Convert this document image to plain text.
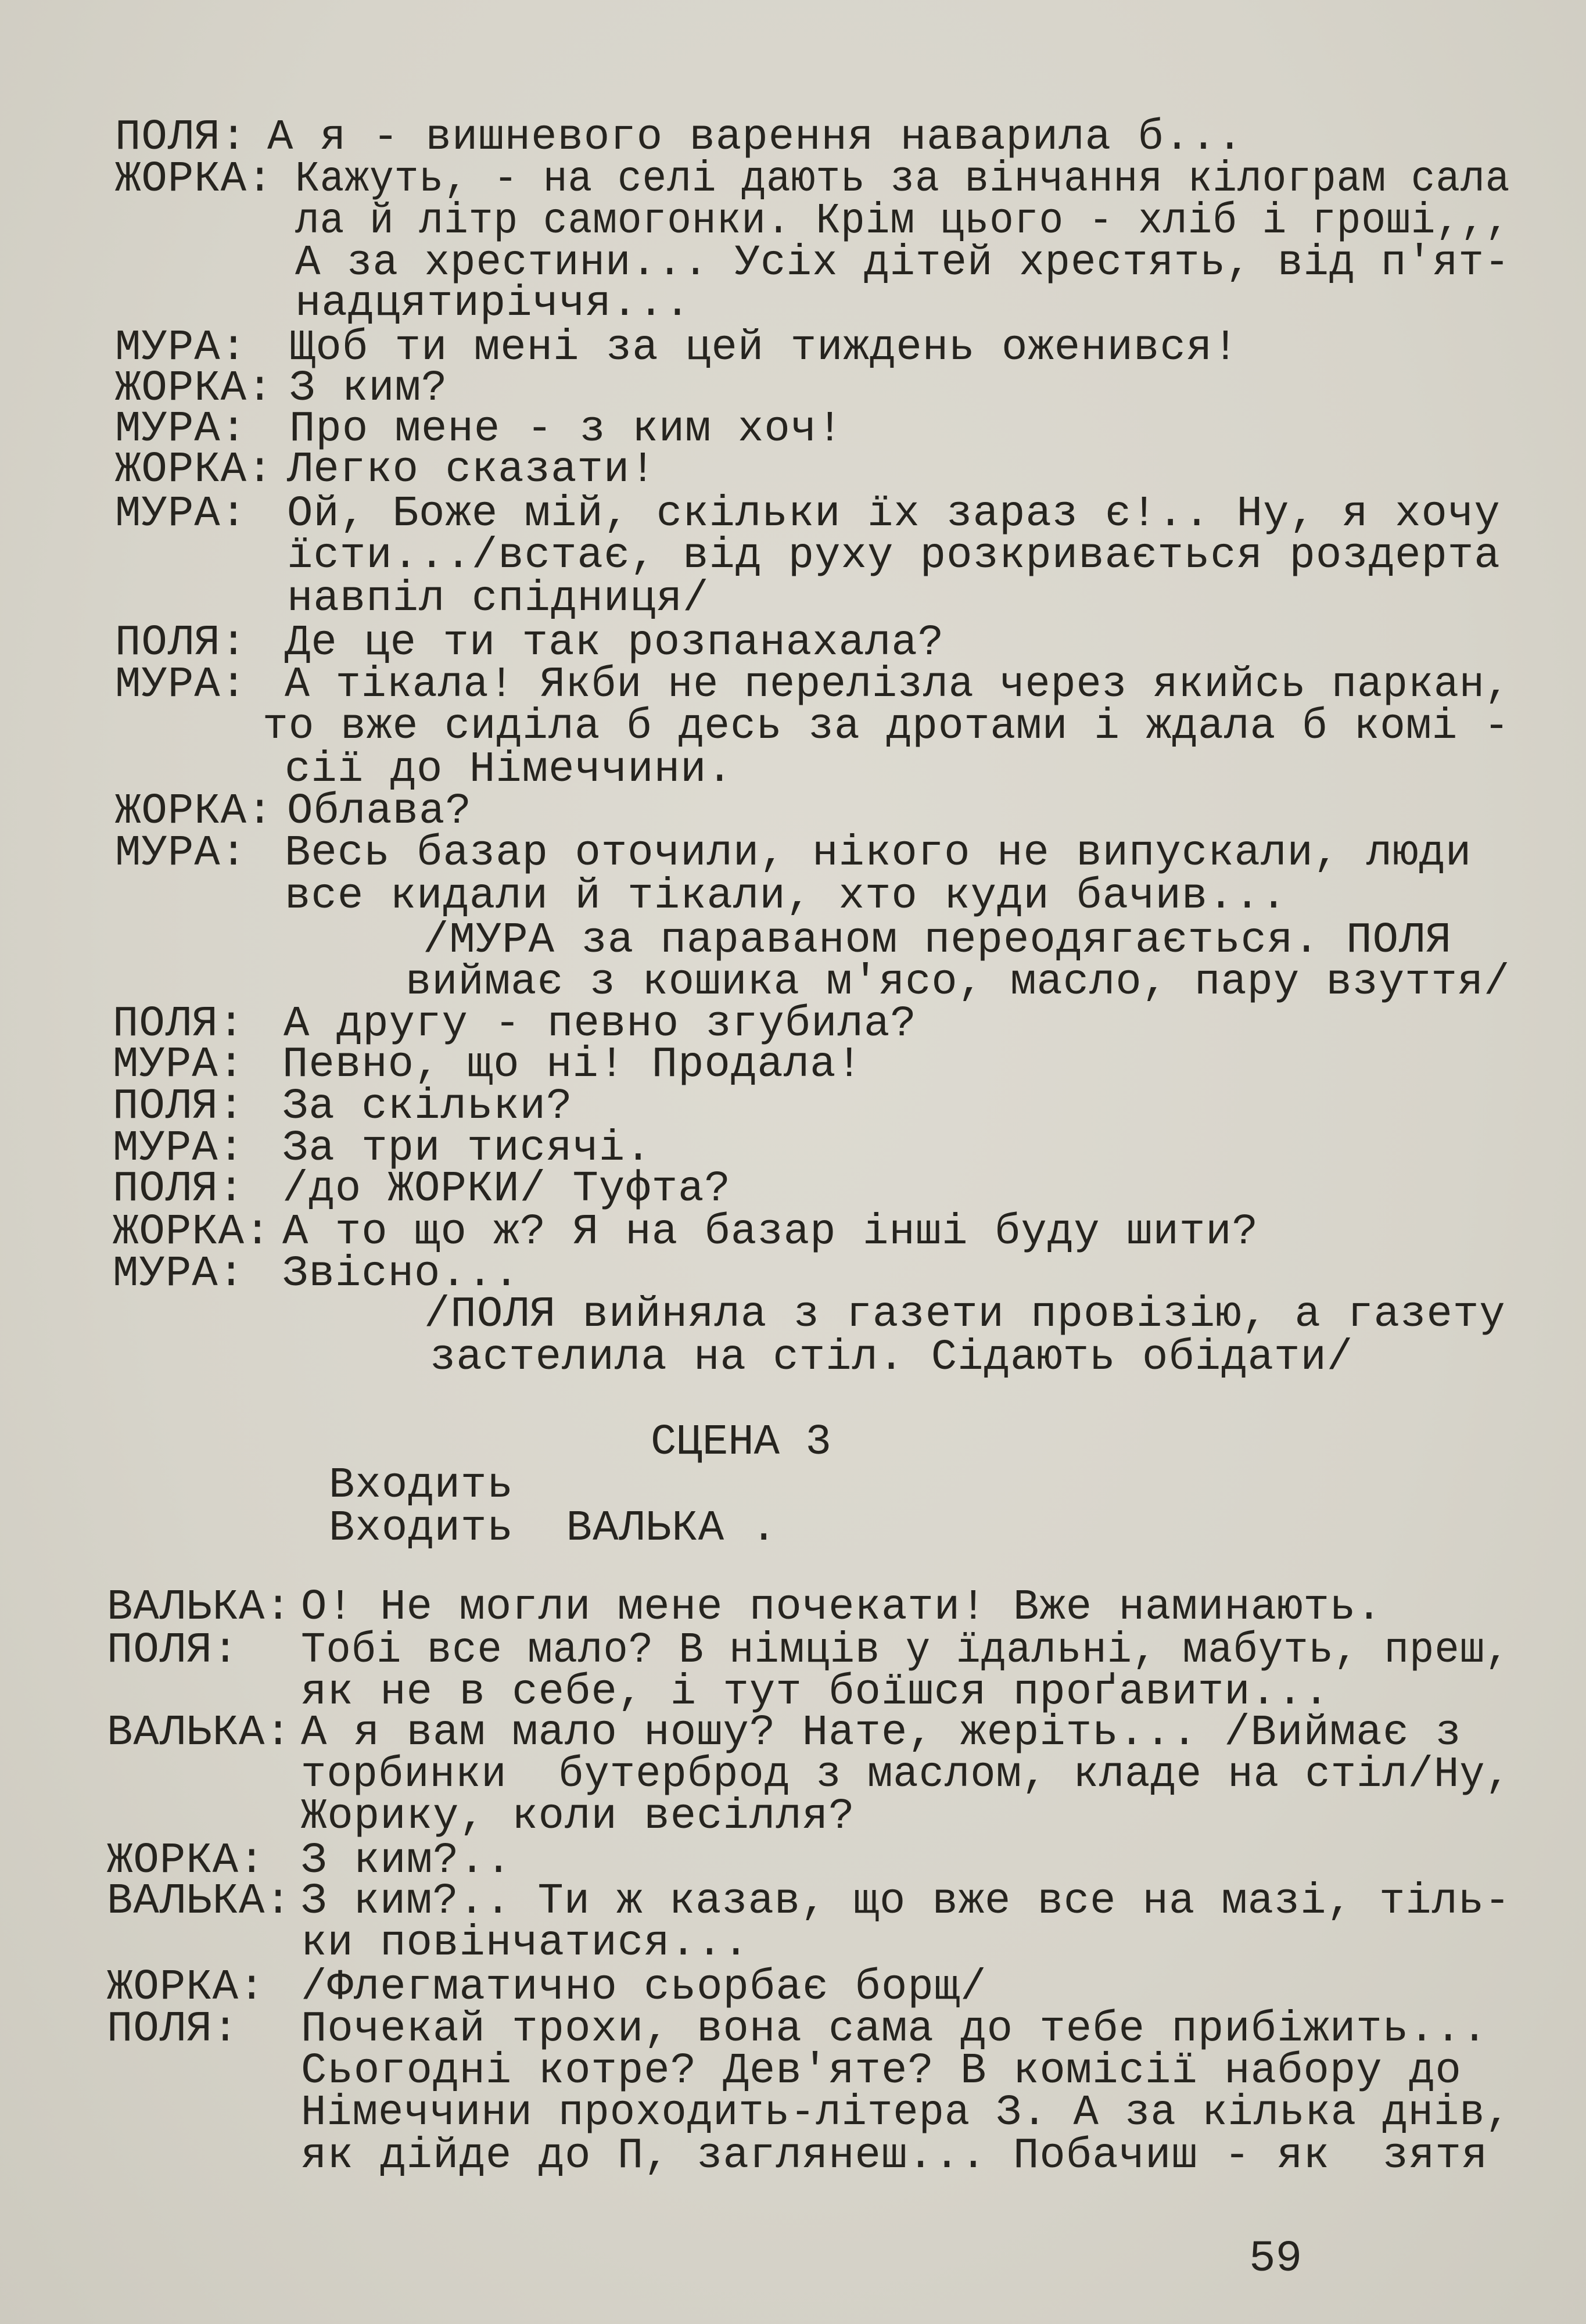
ПОЛЯ: А я - вишневого варення наварила б...
ЖОРКА: Кажуть, - на селі дають за вінчання кілограм сала
ла й літр самогонки. Крім цього - хліб і гроші,,,
А за хрестини... Усіх дітей хрестять, від п'ят-
надцятиріччя...
МУРА: Щоб ти мені за цей тиждень оженився!
ЖОРКА: З ким?
МУРА: Про мене - з ким хоч!
ЖОРКА: Легко сказати!
МУРА: Ой, Боже мій, скільки їх зараз є!.. Ну, я хочу
їсти.../встає, від руху розкривається роздерта
навпіл спідниця/
ПОЛЯ: Де це ти так розпанахала?
МУРА: А тікала! Якби не перелізла через якийсь паркан,
то вже сиділа б десь за дротами і ждала б комі -
сії до Німеччини.
ЖОРКА: Облава?
МУРА: Весь базар оточили, нікого не випускали, люди
все кидали й тікали, хто куди бачив...
/МУРА за параваном переодягається. ПОЛЯ
виймає з кошика м'ясо, масло, пару взуття/
ПОЛЯ: А другу - певно згубила?
МУРА: Певно, що ні! Продала!
ПОЛЯ: За скільки?
МУРА: За три тисячі.
ПОЛЯ: /до ЖОРКИ/ Туфта?
ЖОРКА: А то що ж? Я на базар інші буду шити?
МУРА: Звісно...
/ПОЛЯ вийняла з газети провізію, а газету
застелила на стіл. Сідають обідати/
СЦЕНА 3
Входить
Входить  ВАЛЬКА .
ВАЛЬКА: О! Не могли мене почекати! Вже наминають.
ПОЛЯ: Тобі все мало? В німців у їдальні, мабуть, преш,
як не в себе, і тут боїшся проґавити...
ВАЛЬКА: А я вам мало ношу? Нате, жеріть... /Виймає з
торбинки  бутерброд з маслом, кладе на стіл/Ну,
Жорику, коли весілля?
ЖОРКА: З ким?..
ВАЛЬКА: З ким?.. Ти ж казав, що вже все на мазі, тіль-
ки повінчатися...
ЖОРКА: /Флегматично сьорбає борщ/
ПОЛЯ: Почекай трохи, вона сама до тебе прибіжить...
Сьогодні котре? Дев'яте? В комісії набору до
Німеччини проходить-літера З. А за кілька днів,
як дійде до П, заглянеш... Побачиш - як  зятя
59
